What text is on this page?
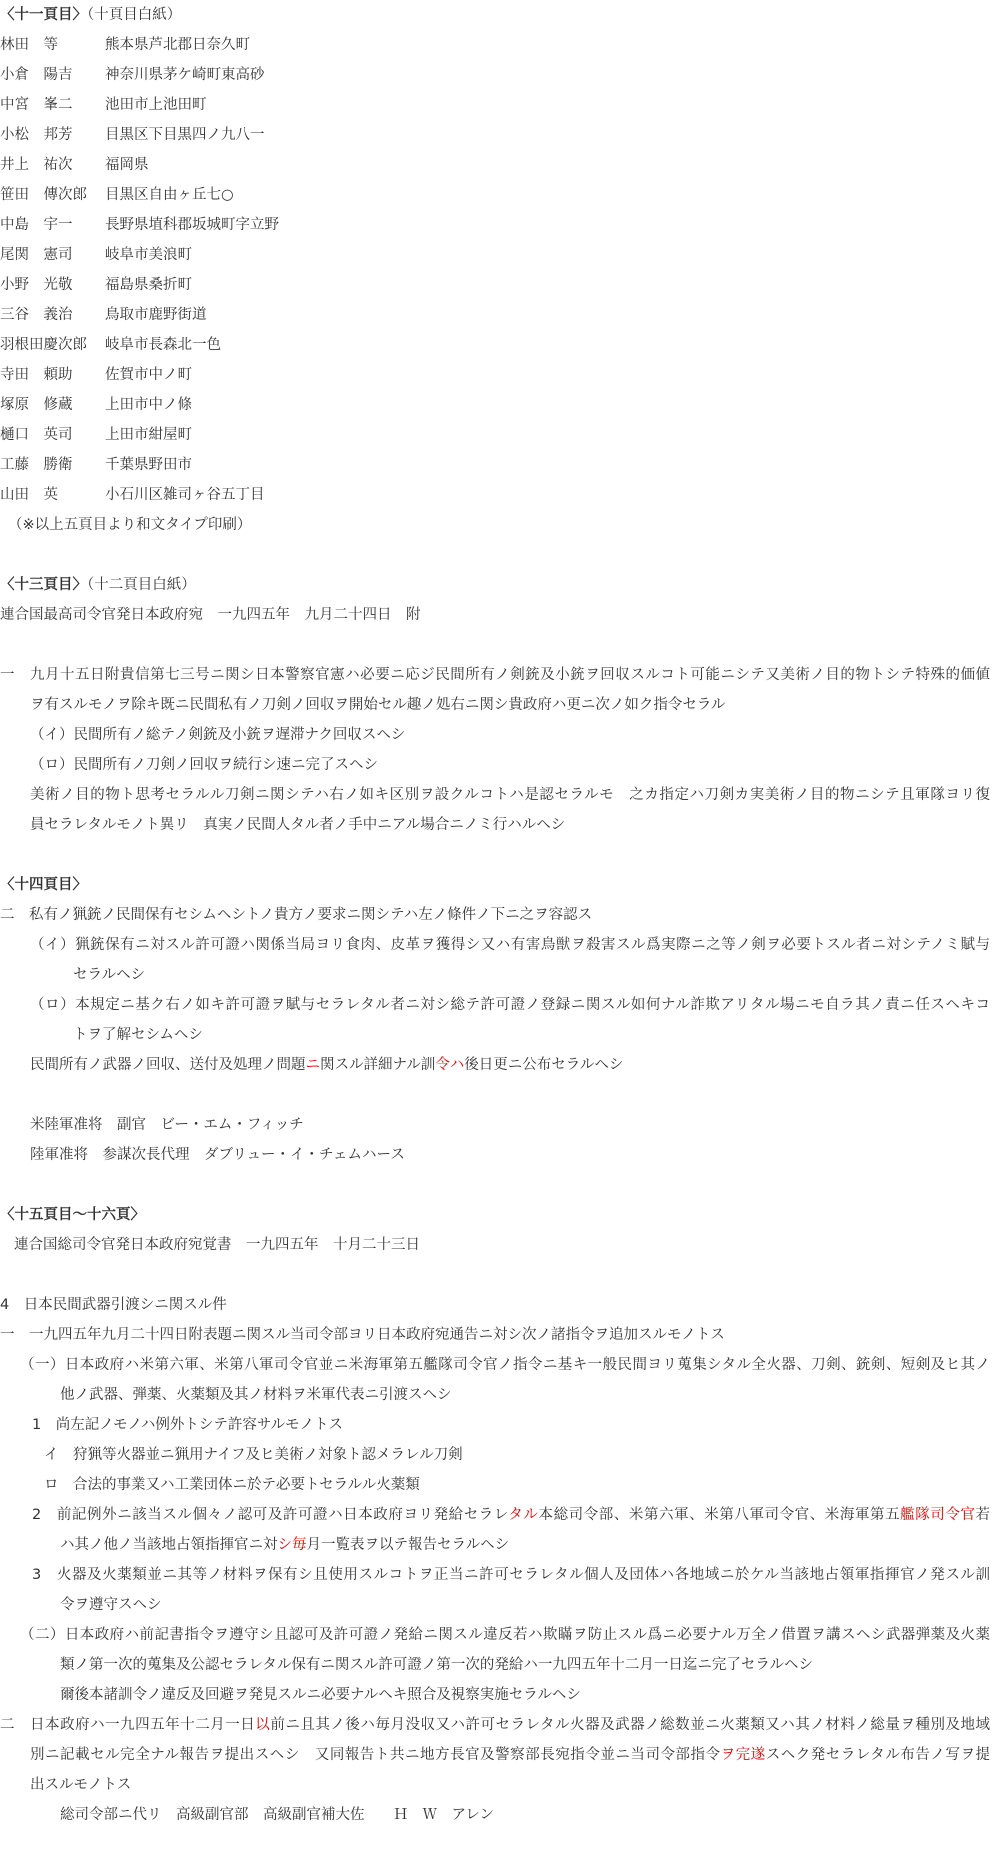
〈十一頁目〉（十頁目白紙）
林田　等	熊本県芦北郡日奈久町
小倉　陽吉 神奈川県茅ケ崎町東高砂
中宮　峯二 池田市上池田町
小松　邦芳 目黒区下目黒四ノ九八一
井上　祐次 福岡県
笹田　傳次郎 目黒区自由ヶ丘七○
中島　宇一 長野県埴科郡坂城町字立野
尾関　憲司 岐阜市美浪町
小野　光敬 福島県桑折町
三谷　義治 鳥取市鹿野街道
羽根田慶次郎 岐阜市長森北一色
寺田　頼助 佐賀市中ノ町
塚原　修蔵 上田市中ノ條
樋口　英司 上田市紺屋町
工藤　勝衛 千葉県野田市
山田　英	小石川区雑司ヶ谷五丁目
（※以上五頁目より和文タイプ印刷）
〈十三頁目〉（十二頁目白紙）
連合国最高司令官発日本政府宛　一九四五年　九月二十四日　附
一　九月十五日附貴信第七三号ニ関シ日本警察官憲ハ必要ニ応ジ民間所有ノ剣銃及小銃ヲ回収スルコト可能ニシテ又美術ノ目的物トシテ特殊的価値
ヲ有スルモノヲ除キ既ニ民間私有ノ刀剣ノ回収ヲ開始セル趣ノ処右ニ関シ貴政府ハ更ニ次ノ如ク指令セラル
（イ）民間所有ノ総テノ剣銃及小銃ヲ遅滞ナク回収スヘシ
（ロ）民間所有ノ刀剣ノ回収ヲ続行シ速ニ完了スヘシ
美術ノ目的物ト思考セラルル刀剣ニ関シテハ右ノ如キ区別ヲ設クルコトハ是認セラルモ　之カ指定ハ刀剣カ実美術ノ目的物ニシテ且軍隊ヨリ復
員セラレタルモノト異リ　真実ノ民間人タル者ノ手中ニアル場合ニノミ行ハルヘシ
〈十四頁目〉
二　私有ノ猟銃ノ民間保有セシムヘシトノ貴方ノ要求ニ関シテハ左ノ條件ノ下ニ之ヲ容認ス
（イ）猟銃保有ニ対スル許可證ハ関係当局ヨリ食肉、皮革ヲ獲得シ又ハ有害鳥獣ヲ殺害スル爲実際ニ之等ノ剣ヲ必要トスル者ニ対シテノミ賦与
セラルヘシ
（ロ）本規定ニ基ク右ノ如キ許可證ヲ賦与セラレタル者ニ対シ総テ許可證ノ登録ニ関スル如何ナル詐欺アリタル場ニモ自ラ其ノ責ニ任スヘキコ
トヲ了解セシムヘシ
民間所有ノ武器ノ回収、送付及処理ノ問題ニ関スル詳細ナル訓令ハ後日更ニ公布セラルヘシ
米陸軍准将　副官　ビー・エム・フィッチ
陸軍准将　参謀次長代理　ダブリュー・イ・チェムハース
〈十五頁目～十六頁〉
連合国総司令官発日本政府宛覚書　一九四五年　十月二十三日
4　日本民間武器引渡シニ関スル件
一　一九四五年九月二十四日附表題ニ関スル当司令部ヨリ日本政府宛通告ニ対シ次ノ諸指令ヲ追加スルモノトス
（一）日本政府ハ米第六軍、米第八軍司令官並ニ米海軍第五艦隊司令官ノ指令ニ基キ一般民間ヨリ蒐集シタル全火器、刀剣、銃剣、短剣及ヒ其ノ
他ノ武器、弾薬、火薬類及其ノ材料ヲ米軍代表ニ引渡スヘシ
1　尚左記ノモノハ例外トシテ許容サルモノトス
イ　狩猟等火器並ニ猟用ナイフ及ヒ美術ノ対象ト認メラレル刀剣
ロ　合法的事業又ハ工業団体ニ於テ必要トセラルル火薬類
2　前記例外ニ該当スル個々ノ認可及許可證ハ日本政府ヨリ発給セラレタル本総司令部、米第六軍、米第八軍司令官、米海軍第五艦隊司令官若
ハ其ノ他ノ当該地占領指揮官ニ対シ毎月一覧表ヲ以テ報告セラルヘシ
3　火器及火薬類並ニ其等ノ材料ヲ保有シ且使用スルコトヲ正当ニ許可セラレタル個人及団体ハ各地域ニ於ケル当該地占領軍指揮官ノ発スル訓
令ヲ遵守スヘシ
（二）日本政府ハ前記書指令ヲ遵守シ且認可及許可證ノ発給ニ関スル違反若ハ欺瞞ヲ防止スル爲ニ必要ナル万全ノ借置ヲ講スヘシ武器弾薬及火薬
類ノ第一次的蒐集及公認セラレタル保有ニ関スル許可證ノ第一次的発給ハ一九四五年十二月一日迄ニ完了セラルヘシ
爾後本諸訓令ノ違反及回避ヲ発見スルニ必要ナルヘキ照合及視察実施セラルヘシ
二　日本政府ハ一九四五年十二月一日以前ニ且其ノ後ハ毎月没収又ハ許可セラレタル火器及武器ノ総数並ニ火薬類又ハ其ノ材料ノ総量ヲ種別及地域
別ニ記載セル完全ナル報告ヲ提出スヘシ　又同報告ト共ニ地方長官及警察部長宛指令並ニ当司令部指令ヲ完遂スヘク発セラレタル布告ノ写ヲ提
出スルモノトス
総司令部ニ代リ　高級副官部　高級副官補大佐　　Ｈ　Ｗ　アレン
